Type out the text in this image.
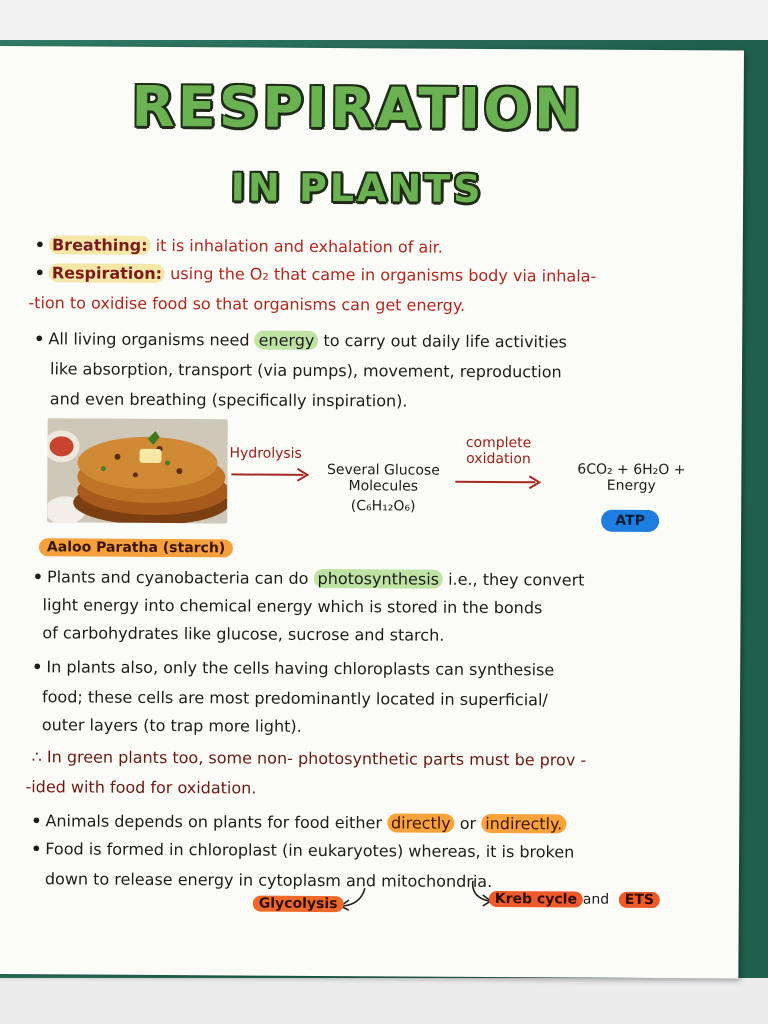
RESPIRATION
IN PLANTS
• Breathing: it is inhalation and exhalation of air.
• Respiration: using the O₂ that came in organisms body via inhala-
-tion to oxidise food so that organisms can get energy.
• All living organisms need energy to carry out daily life activities
like absorption, transport (via pumps), movement, reproduction
and even breathing (specifically inspiration).
Aaloo Paratha (starch)
Hydrolysis
Several Glucose
Molecules
(C₆H₁₂O₆)
complete
oxidation
6CO₂ + 6H₂O +
Energy
ATP
• Plants and cyanobacteria can do photosynthesis i.e., they convert
light energy into chemical energy which is stored in the bonds
of carbohydrates like glucose, sucrose and starch.
• In plants also, only the cells having chloroplasts can synthesise
food; these cells are most predominantly located in superficial/
outer layers (to trap more light).
∴ In green plants too, some non- photosynthetic parts must be prov -
-ided with food for oxidation.
• Animals depends on plants for food either directly or indirectly.
• Food is formed in chloroplast (in eukaryotes) whereas, it is broken
down to release energy in cytoplasm and mitochondria.
Glycolysis	Kreb cycle and	ETS
